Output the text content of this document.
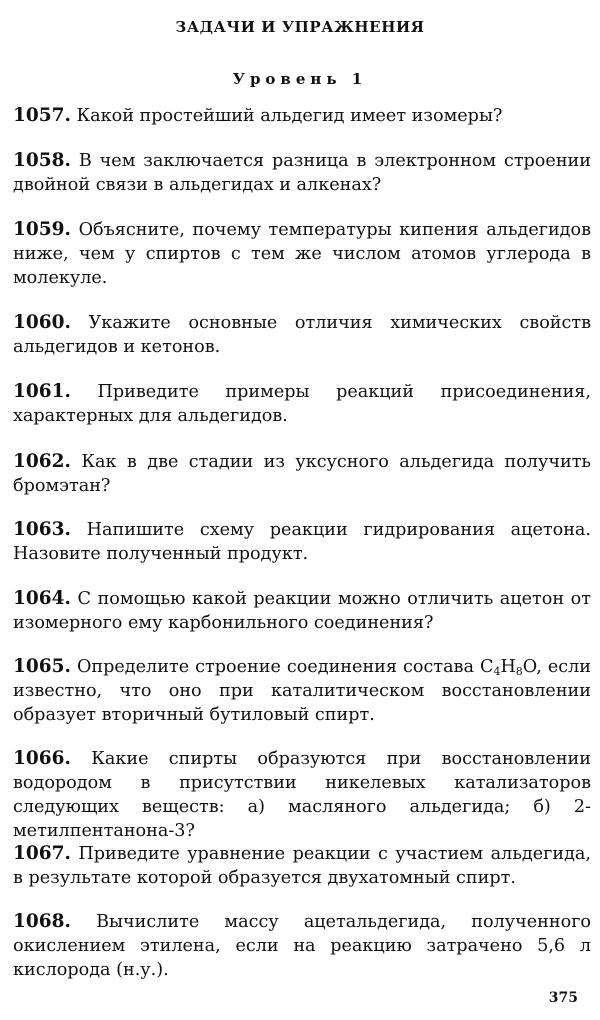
ЗАДАЧИ И УПРАЖНЕНИЯ
Уровень 1
1057. Какой простейший альдегид имеет изомеры?
1058. В чем заключается разница в электронном строении двойной связи в альдегидах и алкенах?
1059. Объясните, почему температуры кипения альдегидов ниже, чем у спиртов с тем же числом атомов углерода в молекуле.
1060. Укажите основные отличия химических свойств альдегидов и кетонов.
1061. Приведите примеры реакций присоединения, характерных для альдегидов.
1062. Как в две стадии из уксусного альдегида получить бромэтан?
1063. Напишите схему реакции гидрирования ацетона. Назовите полученный продукт.
1064. С помощью какой реакции можно отличить ацетон от изомерного ему карбонильного соединения?
1065. Определите строение соединения состава $C_4H_8O$, если известно, что оно при каталитическом восстановлении образует вторичный бутиловый спирт.
1066. Какие спирты образуются при восстановлении водородом в присутствии никелевых катализаторов следующих веществ: а) масляного альдегида; б) 2-метилпентанона-3?
1067. Приведите уравнение реакции с участием альдегида, в результате которой образуется двухатомный спирт.
1068. Вычислите массу ацетальдегида, полученного окислением этилена, если на реакцию затрачено 5,6 л кислорода (н.у.).
375
